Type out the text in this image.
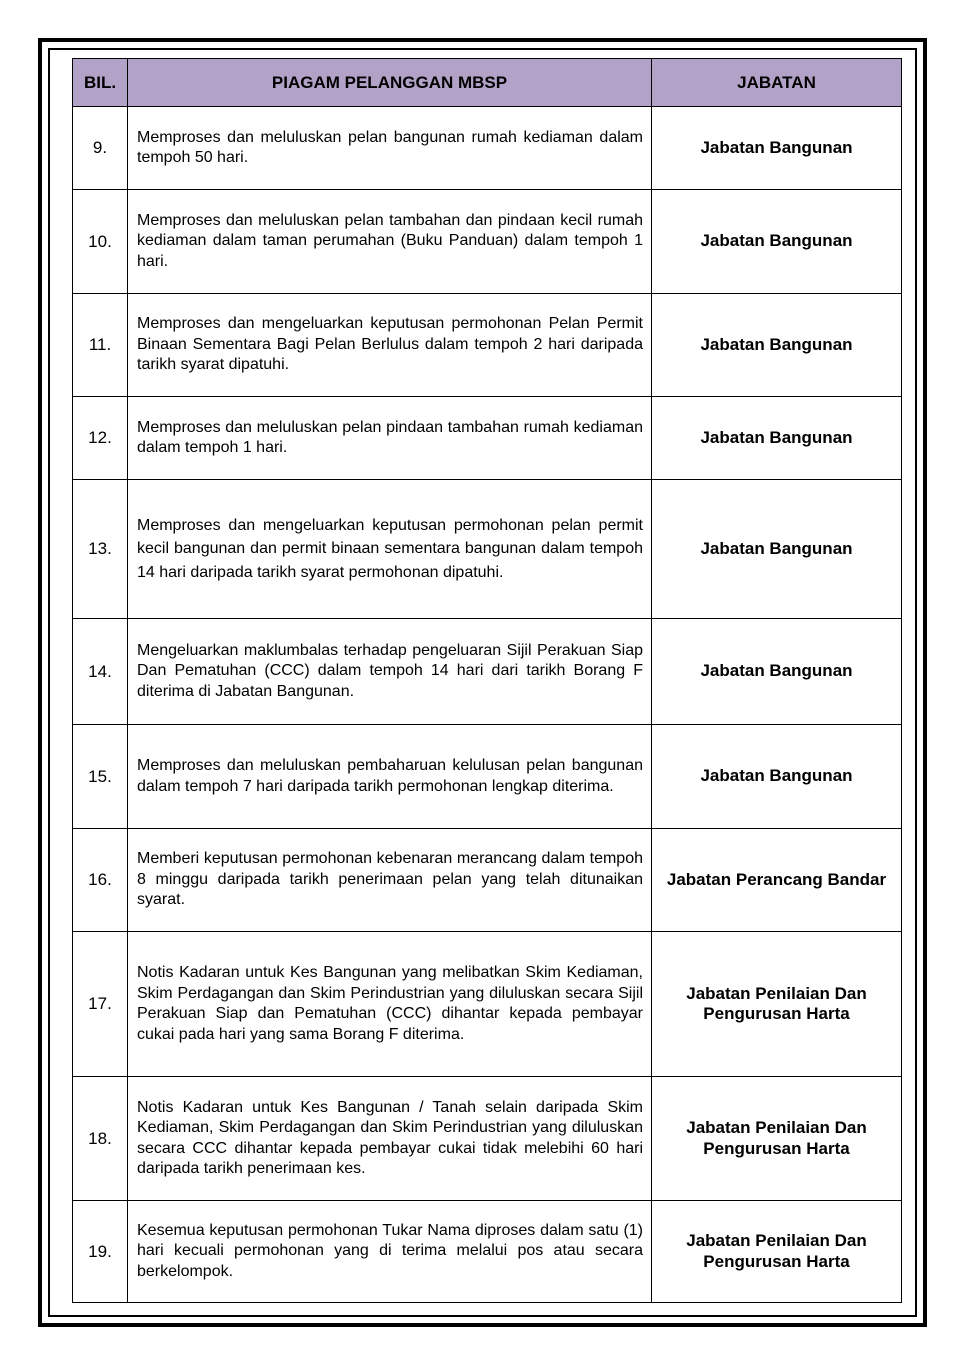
BIL.	PIAGAM PELANGGAN MBSP	JABATAN
9.	Memproses dan meluluskan pelan bangunan rumah kediaman dalam tempoh 50 hari.	Jabatan Bangunan
10.	Memproses dan meluluskan pelan tambahan dan pindaan kecil rumah kediaman dalam taman perumahan (Buku Panduan) dalam tempoh 1 hari.	Jabatan Bangunan
11.	Memproses dan mengeluarkan keputusan permohonan Pelan Permit Binaan Sementara Bagi Pelan Berlulus dalam tempoh 2 hari daripada tarikh syarat dipatuhi.	Jabatan Bangunan
12.	Memproses dan meluluskan pelan pindaan tambahan rumah kediaman dalam tempoh 1 hari.	Jabatan Bangunan
13.	Memproses dan mengeluarkan keputusan permohonan pelan permit kecil bangunan dan permit binaan sementara bangunan dalam tempoh 14 hari daripada tarikh syarat permohonan dipatuhi.	Jabatan Bangunan
14.	Mengeluarkan maklumbalas terhadap pengeluaran Sijil Perakuan Siap Dan Pematuhan (CCC) dalam tempoh 14 hari dari tarikh Borang F diterima di Jabatan Bangunan.	Jabatan Bangunan
15.	Memproses dan meluluskan pembaharuan kelulusan pelan bangunan dalam tempoh 7 hari daripada tarikh permohonan lengkap diterima.	Jabatan Bangunan
16.	Memberi keputusan permohonan kebenaran merancang dalam tempoh 8 minggu daripada tarikh penerimaan pelan yang telah ditunaikan syarat.	Jabatan Perancang Bandar
17.	Notis Kadaran untuk Kes Bangunan yang melibatkan Skim Kediaman, Skim Perdagangan dan Skim Perindustrian yang diluluskan secara Sijil Perakuan Siap dan Pematuhan (CCC) dihantar kepada pembayar cukai pada hari yang sama Borang F diterima.	Jabatan Penilaian Dan Pengurusan Harta
18.	Notis Kadaran untuk Kes Bangunan / Tanah selain daripada Skim Kediaman, Skim Perdagangan dan Skim Perindustrian yang diluluskan secara CCC dihantar kepada pembayar cukai tidak melebihi 60 hari daripada tarikh penerimaan kes.	Jabatan Penilaian Dan Pengurusan Harta
19.	Kesemua keputusan permohonan Tukar Nama diproses dalam satu (1) hari kecuali permohonan yang di terima melalui pos atau secara berkelompok.	Jabatan Penilaian Dan Pengurusan Harta
